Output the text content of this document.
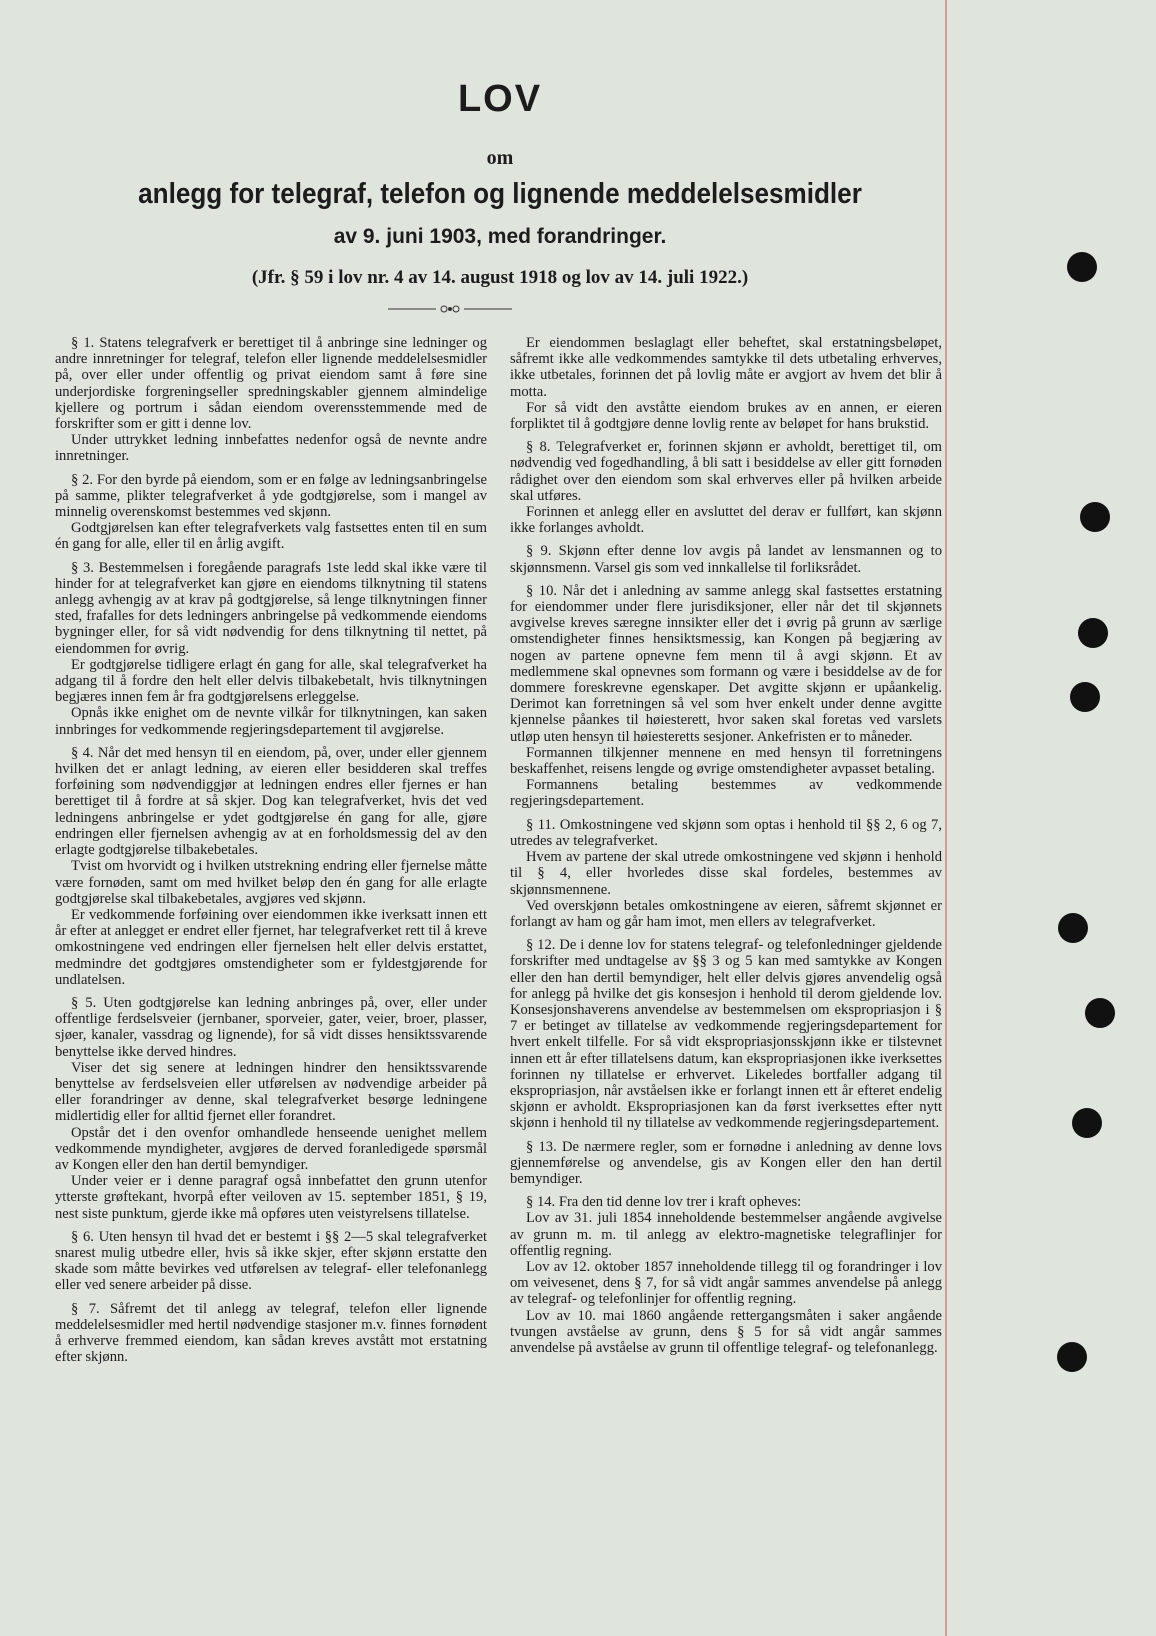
LOV
om
anlegg for telegraf, telefon og lignende meddelelsesmidler
av 9. juni 1903, med forandringer.
(Jfr. § 59 i lov nr. 4 av 14. august 1918 og lov av 14. juli 1922.)

§ 1. Statens telegrafverk er berettiget til å anbringe sine ledninger og andre innretninger for telegraf, telefon eller lignende meddelelsesmidler på, over eller under offentlig og privat eiendom samt å føre sine underjordiske forgreningseller spredningskabler gjennem almindelige kjellere og portrum i sådan eiendom overensstemmende med de forskrifter som er gitt i denne lov.

Under uttrykket ledning innbefattes nedenfor også de nevnte andre innretninger.

§ 2. For den byrde på eiendom, som er en følge av ledningsanbringelse på samme, plikter telegrafverket å yde godtgjørelse, som i mangel av minnelig overenskomst bestemmes ved skjønn.

Godtgjørelsen kan efter telegrafverkets valg fastsettes enten til en sum én gang for alle, eller til en årlig avgift.

§ 3. Bestemmelsen i foregående paragrafs 1ste ledd skal ikke være til hinder for at telegrafverket kan gjøre en eiendoms tilknytning til statens anlegg avhengig av at krav på godtgjørelse, så lenge tilknytningen finner sted, frafalles for dets ledningers anbringelse på vedkommende eiendoms bygninger eller, for så vidt nødvendig for dens tilknytning til nettet, på eiendommen for øvrig.

Er godtgjørelse tidligere erlagt én gang for alle, skal telegrafverket ha adgang til å fordre den helt eller delvis tilbakebetalt, hvis tilknytningen begjæres innen fem år fra godtgjørelsens erleggelse.

Opnås ikke enighet om de nevnte vilkår for tilknytningen, kan saken innbringes for vedkommende regjeringsdepartement til avgjørelse.

§ 4. Når det med hensyn til en eiendom, på, over, under eller gjennem hvilken det er anlagt ledning, av eieren eller besidderen skal treffes forføining som nødvendiggjør at ledningen endres eller fjernes er han berettiget til å fordre at så skjer. Dog kan telegrafverket, hvis det ved ledningens anbringelse er ydet godtgjørelse én gang for alle, gjøre endringen eller fjernelsen avhengig av at en forholdsmessig del av den erlagte godtgjørelse tilbakebetales.

Tvist om hvorvidt og i hvilken utstrekning endring eller fjernelse måtte være fornøden, samt om med hvilket beløp den én gang for alle erlagte godtgjørelse skal tilbakebetales, avgjøres ved skjønn.

Er vedkommende forføining over eiendommen ikke iverksatt innen ett år efter at anlegget er endret eller fjernet, har telegrafverket rett til å kreve omkostningene ved endringen eller fjernelsen helt eller delvis erstattet, medmindre det godtgjøres omstendigheter som er fyldestgjørende for undlatelsen.

§ 5. Uten godtgjørelse kan ledning anbringes på, over, eller under offentlige ferdselsveier (jernbaner, sporveier, gater, veier, broer, plasser, sjøer, kanaler, vassdrag og lignende), for så vidt disses hensiktssvarende benyttelse ikke derved hindres.

Viser det sig senere at ledningen hindrer den hensiktssvarende benyttelse av ferdselsveien eller utførelsen av nødvendige arbeider på eller forandringer av denne, skal telegrafverket besørge ledningene midlertidig eller for alltid fjernet eller forandret.

Opstår det i den ovenfor omhandlede henseende uenighet mellem vedkommende myndigheter, avgjøres de derved foranledigede spørsmål av Kongen eller den han dertil bemyndiger.

Under veier er i denne paragraf også innbefattet den grunn utenfor ytterste grøftekant, hvorpå efter veiloven av 15. september 1851, § 19, nest siste punktum, gjerde ikke må opføres uten veistyrelsens tillatelse.

§ 6. Uten hensyn til hvad det er bestemt i §§ 2—5 skal telegrafverket snarest mulig utbedre eller, hvis så ikke skjer, efter skjønn erstatte den skade som måtte bevirkes ved utførelsen av telegraf- eller telefonanlegg eller ved senere arbeider på disse.

§ 7. Såfremt det til anlegg av telegraf, telefon eller lignende meddelelsesmidler med hertil nødvendige stasjoner m.v. finnes fornødent å erhverve fremmed eiendom, kan sådan kreves avstått mot erstatning efter skjønn.

Er eiendommen beslaglagt eller beheftet, skal erstatningsbeløpet, såfremt ikke alle vedkommendes samtykke til dets utbetaling erhverves, ikke utbetales, forinnen det på lovlig måte er avgjort av hvem det blir å motta.

For så vidt den avståtte eiendom brukes av en annen, er eieren forpliktet til å godtgjøre denne lovlig rente av beløpet for hans brukstid.

§ 8. Telegrafverket er, forinnen skjønn er avholdt, berettiget til, om nødvendig ved fogedhandling, å bli satt i besiddelse av eller gitt fornøden rådighet over den eiendom som skal erhverves eller på hvilken arbeide skal utføres.

Forinnen et anlegg eller en avsluttet del derav er fullført, kan skjønn ikke forlanges avholdt.

§ 9. Skjønn efter denne lov avgis på landet av lensmannen og to skjønnsmenn. Varsel gis som ved innkallelse til forliksrådet.

§ 10. Når det i anledning av samme anlegg skal fastsettes erstatning for eiendommer under flere jurisdiksjoner, eller når det til skjønnets avgivelse kreves særegne innsikter eller det i øvrig på grunn av særlige omstendigheter finnes hensiktsmessig, kan Kongen på begjæring av nogen av partene opnevne fem menn til å avgi skjønn. Et av medlemmene skal opnevnes som formann og være i besiddelse av de for dommere foreskrevne egenskaper. Det avgitte skjønn er upåankelig. Derimot kan forretningen så vel som hver enkelt under denne avgitte kjennelse påankes til høiesterett, hvor saken skal foretas ved varslets utløp uten hensyn til høiesteretts sesjoner. Ankefristen er to måneder.

Formannen tilkjenner mennene en med hensyn til forretningens beskaffenhet, reisens lengde og øvrige omstendigheter avpasset betaling.

Formannens betaling bestemmes av vedkommende regjeringsdepartement.

§ 11. Omkostningene ved skjønn som optas i henhold til §§ 2, 6 og 7, utredes av telegrafverket.

Hvem av partene der skal utrede omkostningene ved skjønn i henhold til § 4, eller hvorledes disse skal fordeles, bestemmes av skjønnsmennene.

Ved overskjønn betales omkostningene av eieren, såfremt skjønnet er forlangt av ham og går ham imot, men ellers av telegrafverket.

§ 12. De i denne lov for statens telegraf- og telefonledninger gjeldende forskrifter med undtagelse av §§ 3 og 5 kan med samtykke av Kongen eller den han dertil bemyndiger, helt eller delvis gjøres anvendelig også for anlegg på hvilke det gis konsesjon i henhold til derom gjeldende lov. Konsesjonshaverens anvendelse av bestemmelsen om ekspropriasjon i § 7 er betinget av tillatelse av vedkommende regjeringsdepartement for hvert enkelt tilfelle. For så vidt ekspropriasjonsskjønn ikke er tilstevnet innen ett år efter tillatelsens datum, kan ekspropriasjonen ikke iverksettes forinnen ny tillatelse er erhvervet. Likeledes bortfaller adgang til ekspropriasjon, når avståelsen ikke er forlangt innen ett år efteret endelig skjønn er avholdt. Ekspropriasjonen kan da først iverksettes efter nytt skjønn i henhold til ny tillatelse av vedkommende regjeringsdepartement.

§ 13. De nærmere regler, som er fornødne i anledning av denne lovs gjennemførelse og anvendelse, gis av Kongen eller den han dertil bemyndiger.

§ 14. Fra den tid denne lov trer i kraft opheves:

Lov av 31. juli 1854 inneholdende bestemmelser angående avgivelse av grunn m. m. til anlegg av elektro-magnetiske telegraflinjer for offentlig regning.

Lov av 12. oktober 1857 inneholdende tillegg til og forandringer i lov om veivesenet, dens § 7, for så vidt angår sammes anvendelse på anlegg av telegraf- og telefonlinjer for offentlig regning.

Lov av 10. mai 1860 angående rettergangsmåten i saker angående tvungen avståelse av grunn, dens § 5 for så vidt angår sammes anvendelse på avståelse av grunn til offentlige telegraf- og telefonanlegg.
